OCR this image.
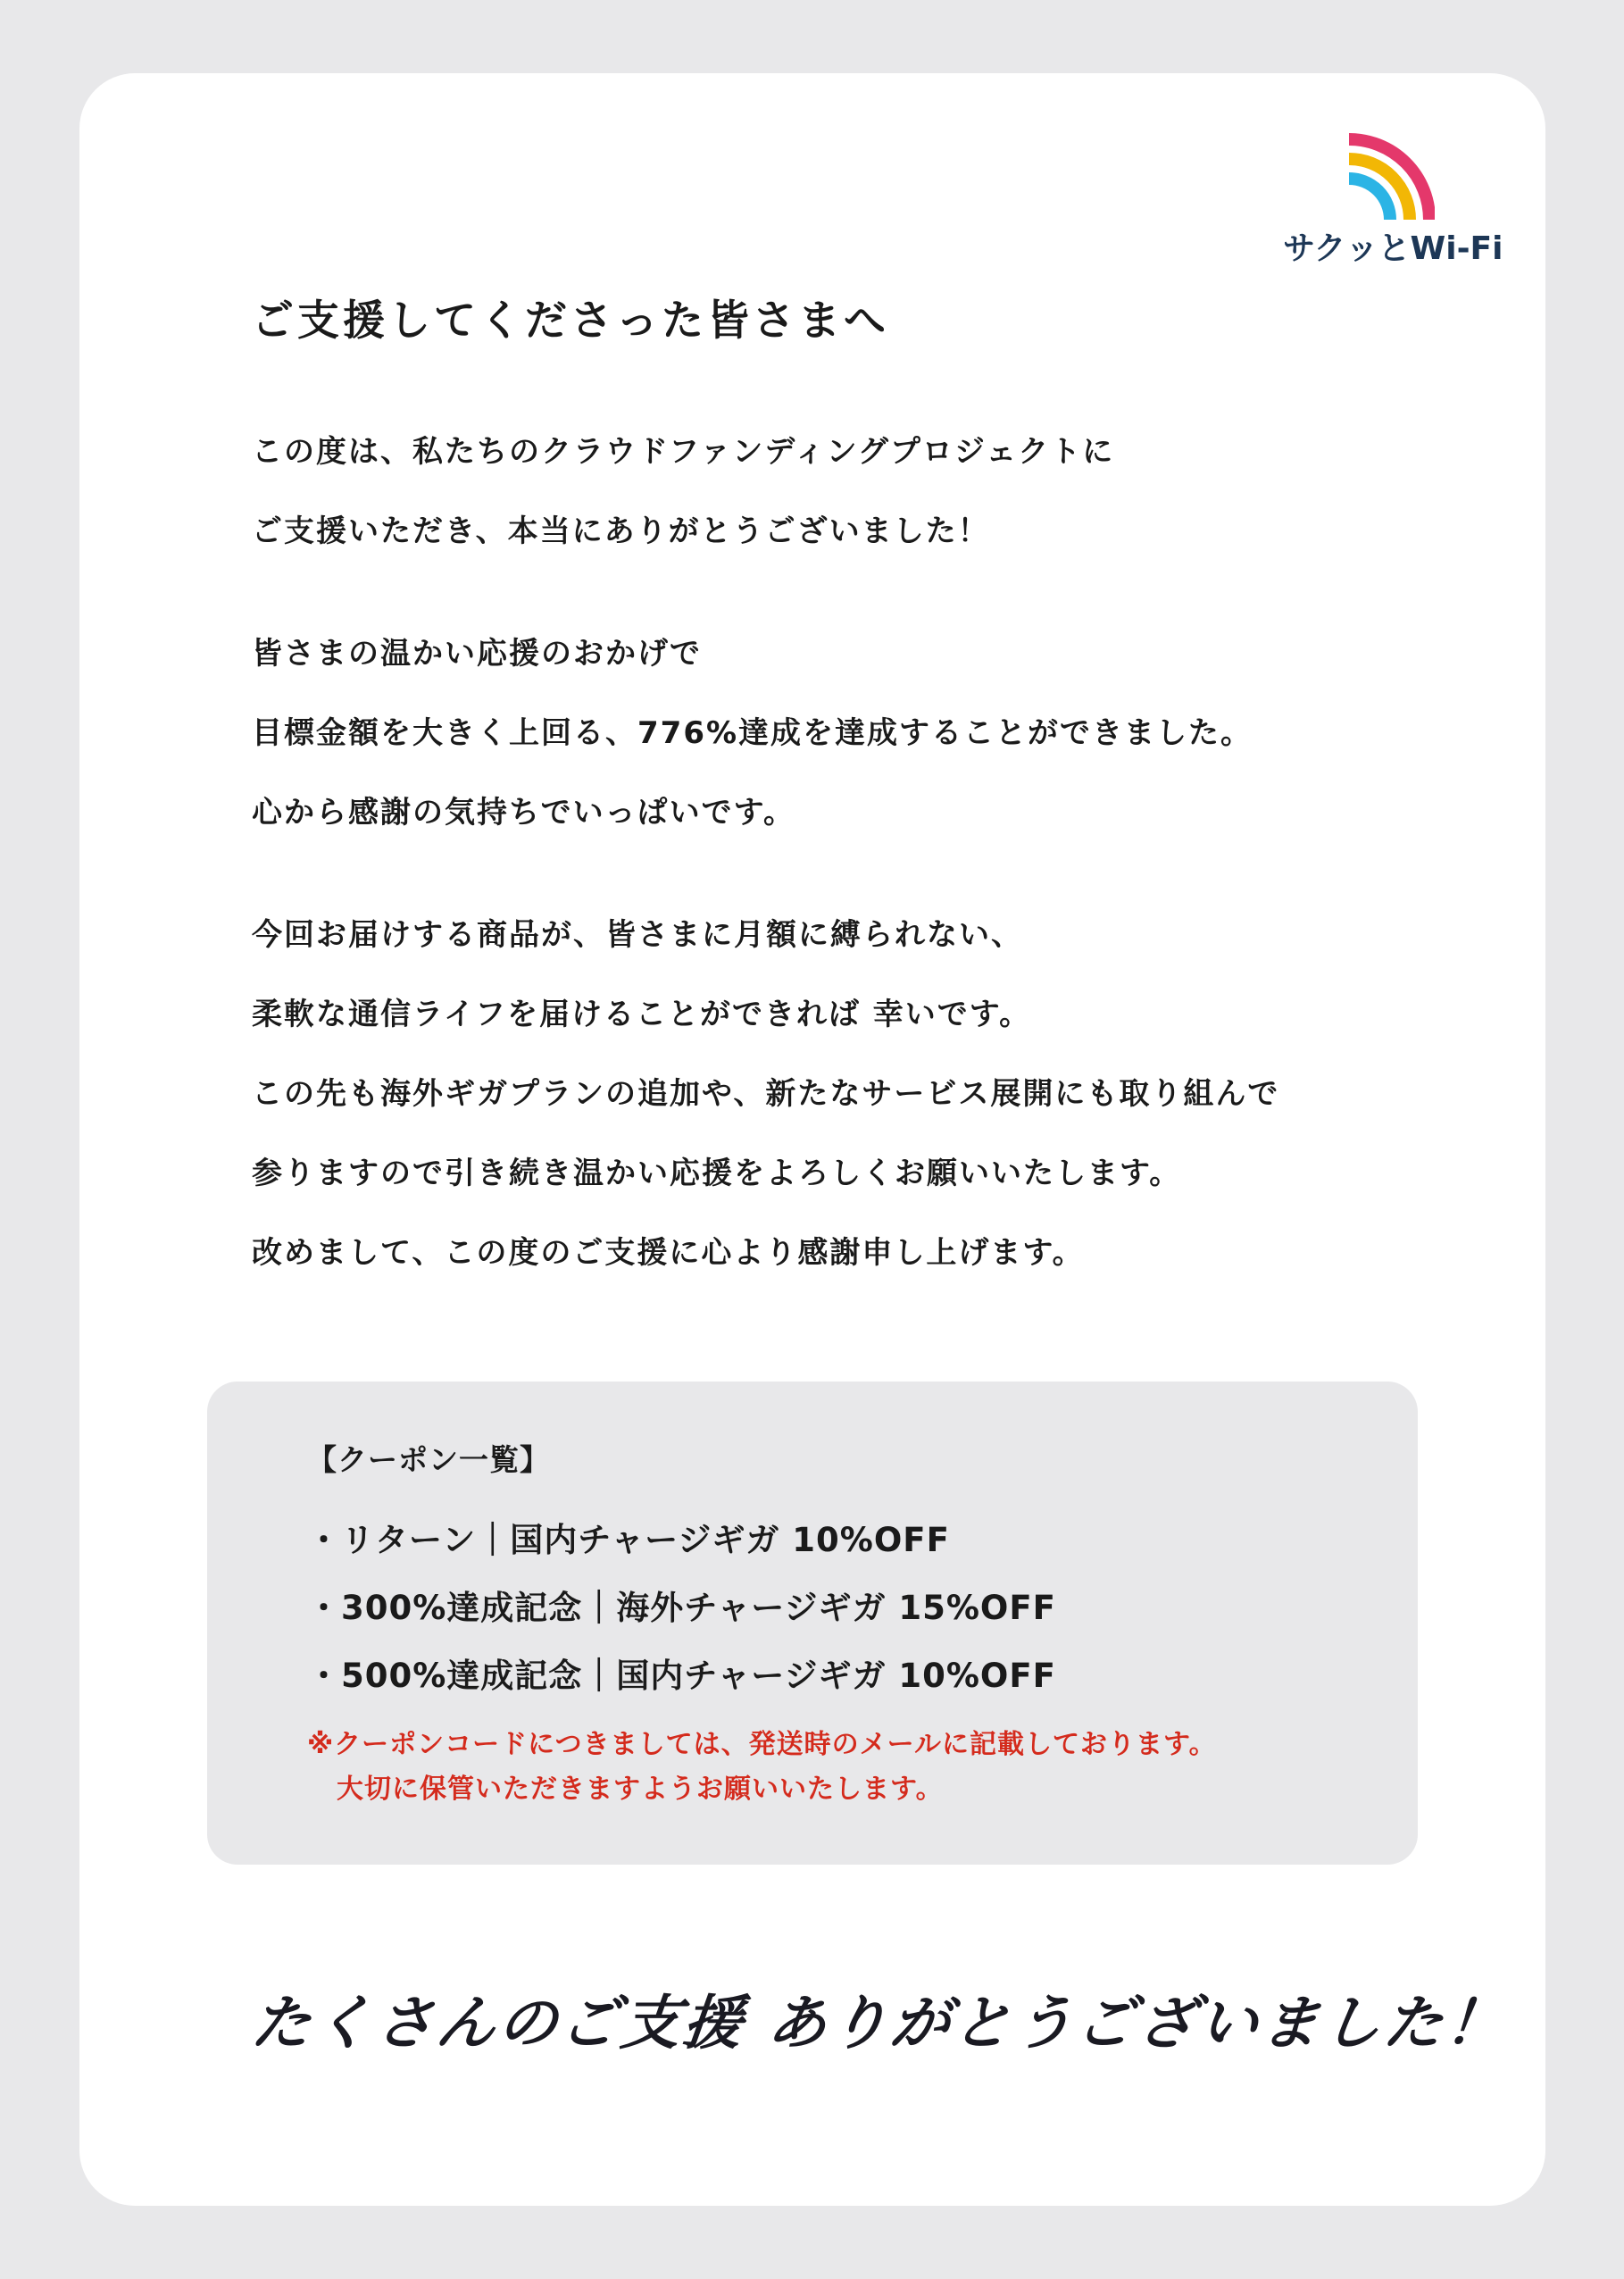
サクッとWi-Fi
ご支援してくださった皆さまへ

この度は、私たちのクラウドファンディングプロジェクトに
ご支援いただき、本当にありがとうございました！

皆さまの温かい応援のおかげで
目標金額を大きく上回る、776%達成を達成することができました。
心から感謝の気持ちでいっぱいです。

今回お届けする商品が、皆さまに月額に縛られない、
柔軟な通信ライフを届けることができれば 幸いです。
この先も海外ギガプランの追加や、新たなサービス展開にも取り組んで
参りますので引き続き温かい応援をよろしくお願いいたします。
改めまして、この度のご支援に心より感謝申し上げます。

【クーポン一覧】
・リターン｜国内チャージギガ 10%OFF
・300%達成記念｜海外チャージギガ 15%OFF
・500%達成記念｜国内チャージギガ 10%OFF
※クーポンコードにつきましては、発送時のメールに記載しております。
大切に保管いただきますようお願いいたします。
たくさんのご支援 ありがとうございました！
